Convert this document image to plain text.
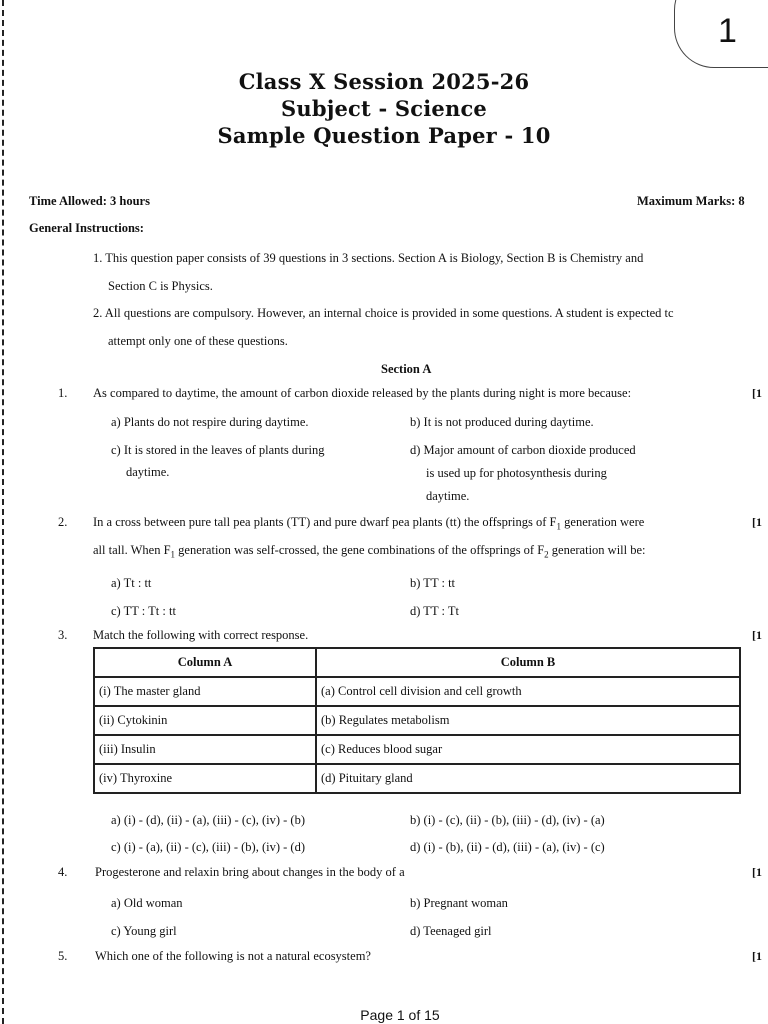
1
Class X Session 2025-26
Subject - Science
Sample Question Paper - 10
Time Allowed: 3 hours	Maximum Marks: 8
General Instructions:
1. This question paper consists of 39 questions in 3 sections. Section A is Biology, Section B is Chemistry and
Section C is Physics.
2. All questions are compulsory. However, an internal choice is provided in some questions. A student is expected tc
attempt only one of these questions.
Section A
1. As compared to daytime, the amount of carbon dioxide released by the plants during night is more because:	[1
a) Plants do not respire during daytime.	b) It is not produced during daytime.
c) It is stored in the leaves of plants during
daytime.
d) Major amount of carbon dioxide produced
is used up for photosynthesis during
daytime.
2. In a cross between pure tall pea plants (TT) and pure dwarf pea plants (tt) the offsprings of $F_1$ generation were	[1
all tall. When $F_1$ generation was self-crossed, the gene combinations of the offsprings of $F_2$ generation will be:
a) Tt : tt	b) TT : tt
c) TT : Tt : tt	d) TT : Tt
3. Match the following with correct response.	[1
Column A	Column B
(i) The master gland	(a) Control cell division and cell growth
(ii) Cytokinin	(b) Regulates metabolism
(iii) Insulin	(c) Reduces blood sugar
(iv) Thyroxine	(d) Pituitary gland
a) (i) - (d), (ii) - (a), (iii) - (c), (iv) - (b)	b) (i) - (c), (ii) - (b), (iii) - (d), (iv) - (a)
c) (i) - (a), (ii) - (c), (iii) - (b), (iv) - (d)	d) (i) - (b), (ii) - (d), (iii) - (a), (iv) - (c)
4. Progesterone and relaxin bring about changes in the body of a	[1
a) Old woman	b) Pregnant woman
c) Young girl	d) Teenaged girl
5. Which one of the following is not a natural ecosystem?	[1
Page 1 of 15
